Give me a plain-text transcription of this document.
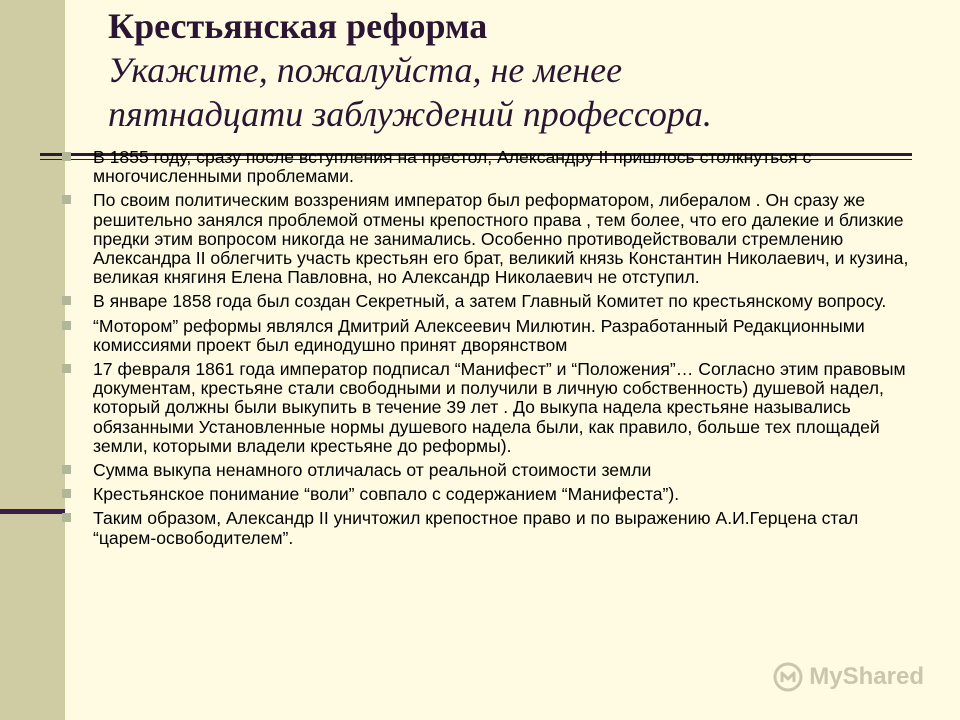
Крестьянская реформа

Укажите, пожалуйста, не менее

пятнадцати заблуждений профессора.

В 1855 году, сразу после вступления на престол, Александру II пришлось столкнуться с многочисленными проблемами.
По своим политическим воззрениям император был реформатором, либералом . Он сразу же решительно занялся проблемой отмены крепостного права , тем более, что его далекие и близкие предки этим вопросом никогда не занимались. Особенно противодействовали стремлению Александра II облегчить участь крестьян его брат, великий князь Константин Николаевич, и кузина, великая княгиня Елена Павловна, но Александр Николаевич не отступил.
В январе 1858 года был создан Секретный, а затем Главный Комитет по крестьянскому вопросу.
“Мотором” реформы являлся Дмитрий Алексеевич Милютин. Разработанный Редакционными комиссиями проект был единодушно принят дворянством
17 февраля 1861 года император подписал “Манифест” и “Положения”… Согласно этим правовым документам, крестьяне стали свободными и получили в личную собственность) душевой надел, который должны были выкупить в течение 39 лет . До выкупа надела крестьяне назывались обязанными Установленные нормы душевого надела были, как правило, больше тех площадей земли, которыми владели крестьяне до реформы).
Сумма выкупа ненамного отличалась от реальной стоимости земли
Крестьянское понимание “воли” совпало с содержанием “Манифеста”).
Таким образом, Александр II уничтожил крепостное право и по выражению А.И.Герцена стал “царем-освободителем”.
MyShared
